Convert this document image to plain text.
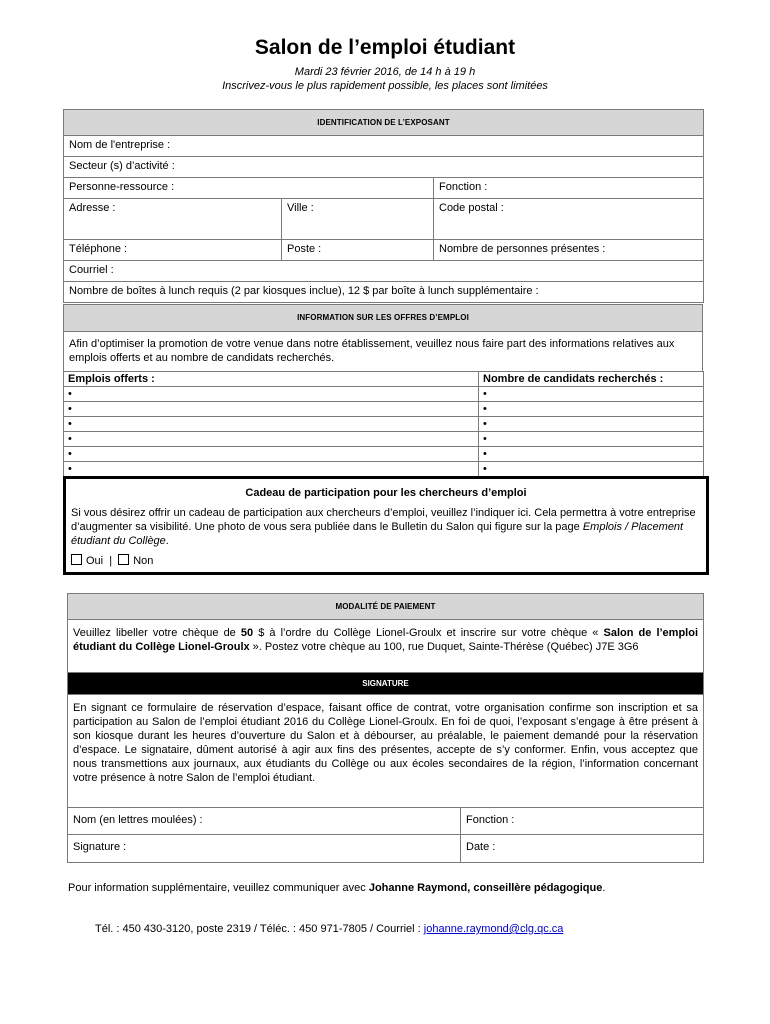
Salon de l’emploi étudiant
Mardi 23 février 2016, de 14 h à 19 h
Inscrivez-vous le plus rapidement possible, les places sont limitées
IDENTIFICATION DE L’EXPOSANT		
Nom de l'entreprise :		
Secteur (s) d’activité :		
Personne-ressource :		Fonction :
Adresse :	Ville :	Code postal :
Téléphone :	Poste :	Nombre de personnes présentes :
Courriel :		
Nombre de boîtes à lunch requis (2 par kiosques inclue), 12 $ par boîte à lunch supplémentaire :		
INFORMATION SUR LES OFFRES D’EMPLOI
Afin d’optimiser la promotion de votre venue dans notre établissement, veuillez nous faire part des informations relatives aux emplois offerts et au nombre de candidats recherchés.
Emplois offerts :	Nombre de candidats recherchés :
•	•
•	•
•	•
•	•
•	•
•	•
Cadeau de participation pour les chercheurs d’emploi
Si vous désirez offrir un cadeau de participation aux chercheurs d’emploi, veuillez l’indiquer ici. Cela permettra à votre entreprise d’augmenter sa visibilité. Une photo de vous sera publiée dans le Bulletin du Salon qui figure sur la page Emplois / Placement étudiant du Collège.
Oui | Non
MODALITÉ DE PAIEMENT	
Veuillez libeller votre chèque de 50 $ à l’ordre du Collège Lionel-Groulx et inscrire sur votre chèque « Salon de l’emploi étudiant du Collège Lionel-Groulx ». Postez votre chèque au 100, rue Duquet, Sainte-Thérèse (Québec) J7E 3G6	
SIGNATURE	
En signant ce formulaire de réservation d’espace, faisant office de contrat, votre organisation confirme son inscription et sa participation au Salon de l’emploi étudiant 2016 du Collège Lionel-Groulx. En foi de quoi, l’exposant s’engage à être présent à son kiosque durant les heures d’ouverture du Salon et à débourser, au préalable, le paiement demandé pour la réservation d’espace. Le signataire, dûment autorisé à agir aux fins des présentes, accepte de s’y conformer. Enfin, vous acceptez que nous transmettions aux journaux, aux étudiants du Collège ou aux écoles secondaires de la région, l’information concernant votre présence à notre Salon de l’emploi étudiant.	
Nom (en lettres moulées) :	Fonction :
Signature :	Date :
Pour information supplémentaire, veuillez communiquer avec Johanne Raymond, conseillère pédagogique.
Tél. : 450 430-3120, poste 2319 / Téléc. : 450 971-7805 / Courriel : johanne.raymond@clg.qc.ca
